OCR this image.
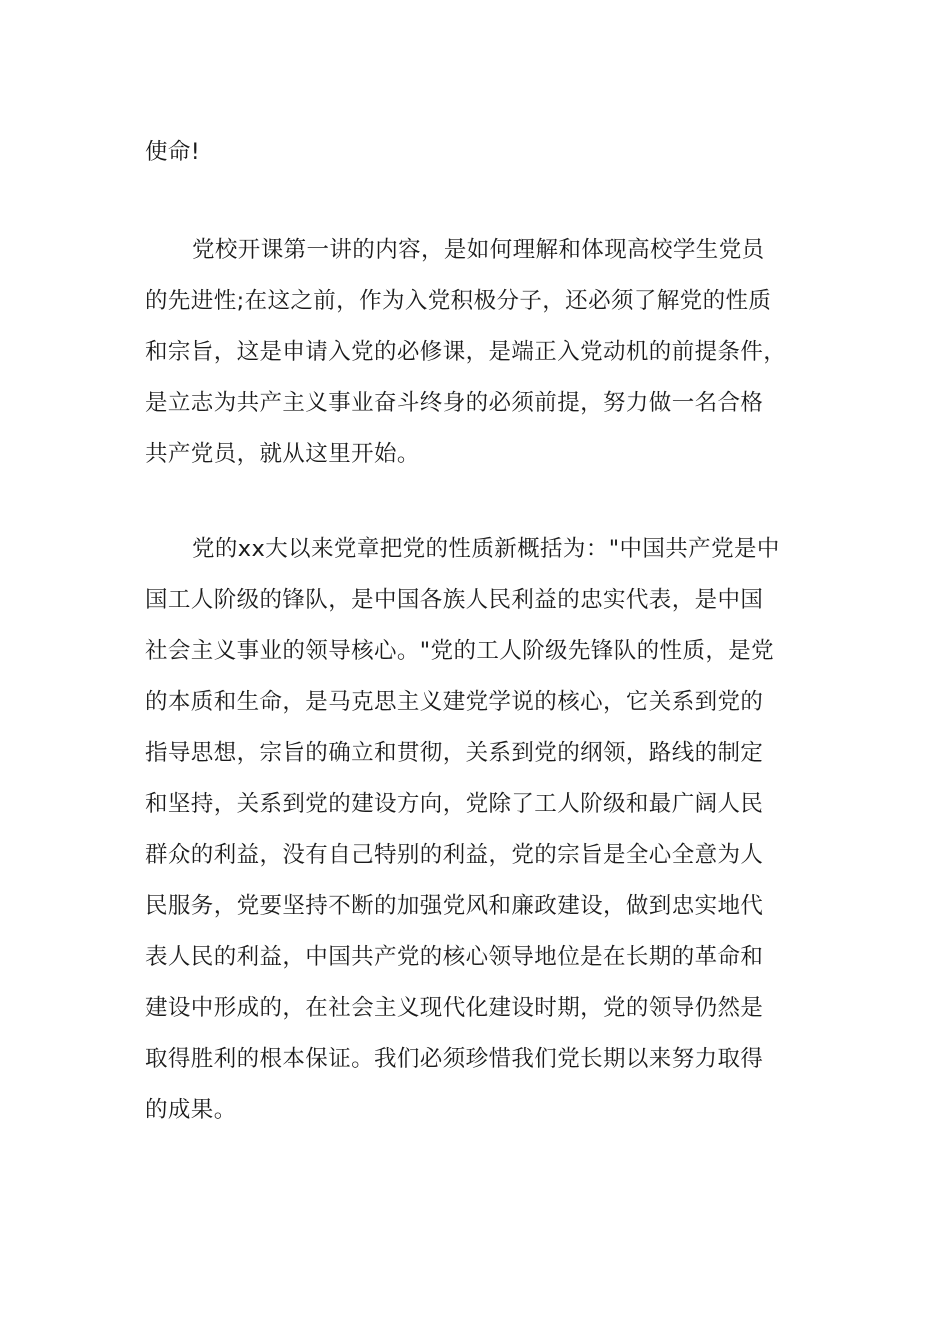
使命!
党校开课第一讲的内容，是如何理解和体现高校学生党员
的先进性;在这之前，作为入党积极分子，还必须了解党的性质
和宗旨，这是申请入党的必修课，是端正入党动机的前提条件，
是立志为共产主义事业奋斗终身的必须前提，努力做一名合格
共产党员，就从这里开始。
党的xx大以来党章把党的性质新概括为："中国共产党是中
国工人阶级的锋队，是中国各族人民利益的忠实代表，是中国
社会主义事业的领导核心。"党的工人阶级先锋队的性质，是党
的本质和生命，是马克思主义建党学说的核心，它关系到党的
指导思想，宗旨的确立和贯彻，关系到党的纲领，路线的制定
和坚持，关系到党的建设方向，党除了工人阶级和最广阔人民
群众的利益，没有自己特别的利益，党的宗旨是全心全意为人
民服务，党要坚持不断的加强党风和廉政建设，做到忠实地代
表人民的利益，中国共产党的核心领导地位是在长期的革命和
建设中形成的，在社会主义现代化建设时期，党的领导仍然是
取得胜利的根本保证。我们必须珍惜我们党长期以来努力取得
的成果。
